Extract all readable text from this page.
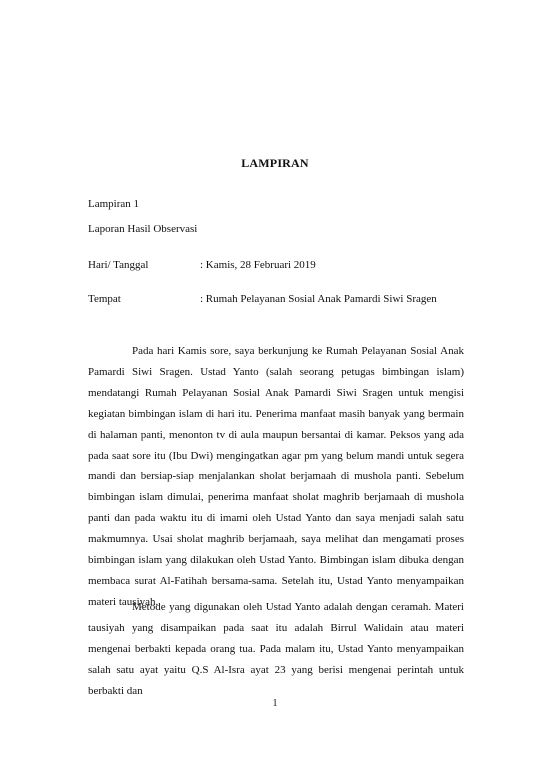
LAMPIRAN
Lampiran 1
Laporan Hasil Observasi
Hari/ Tanggal	: Kamis, 28 Februari 2019
Tempat	: Rumah Pelayanan Sosial Anak Pamardi Siwi Sragen

Pada hari Kamis sore, saya berkunjung ke Rumah Pelayanan Sosial Anak Pamardi Siwi Sragen. Ustad Yanto (salah seorang petugas bimbingan islam) mendatangi Rumah Pelayanan Sosial Anak Pamardi Siwi Sragen untuk mengisi kegiatan bimbingan islam di hari itu. Penerima manfaat masih banyak yang bermain di halaman panti, menonton tv di aula maupun bersantai di kamar. Peksos yang ada pada saat sore itu (Ibu Dwi) mengingatkan agar pm yang belum mandi untuk segera mandi dan bersiap-siap menjalankan sholat berjamaah di mushola panti. Sebelum bimbingan islam dimulai, penerima manfaat sholat maghrib berjamaah di mushola panti dan pada waktu itu di imami oleh Ustad Yanto dan saya menjadi salah satu makmumnya. Usai sholat maghrib berjamaah, saya melihat dan mengamati proses bimbingan islam yang dilakukan oleh Ustad Yanto. Bimbingan islam dibuka dengan membaca surat Al-Fatihah bersama-sama. Setelah itu, Ustad Yanto menyampaikan materi tausiyah.

Metode yang digunakan oleh Ustad Yanto adalah dengan ceramah. Materi tausiyah yang disampaikan pada saat itu adalah Birrul Walidain atau materi mengenai berbakti kepada orang tua. Pada malam itu, Ustad Yanto menyampaikan salah satu ayat yaitu Q.S Al-Isra ayat 23 yang berisi mengenai perintah untuk berbakti dan

1
